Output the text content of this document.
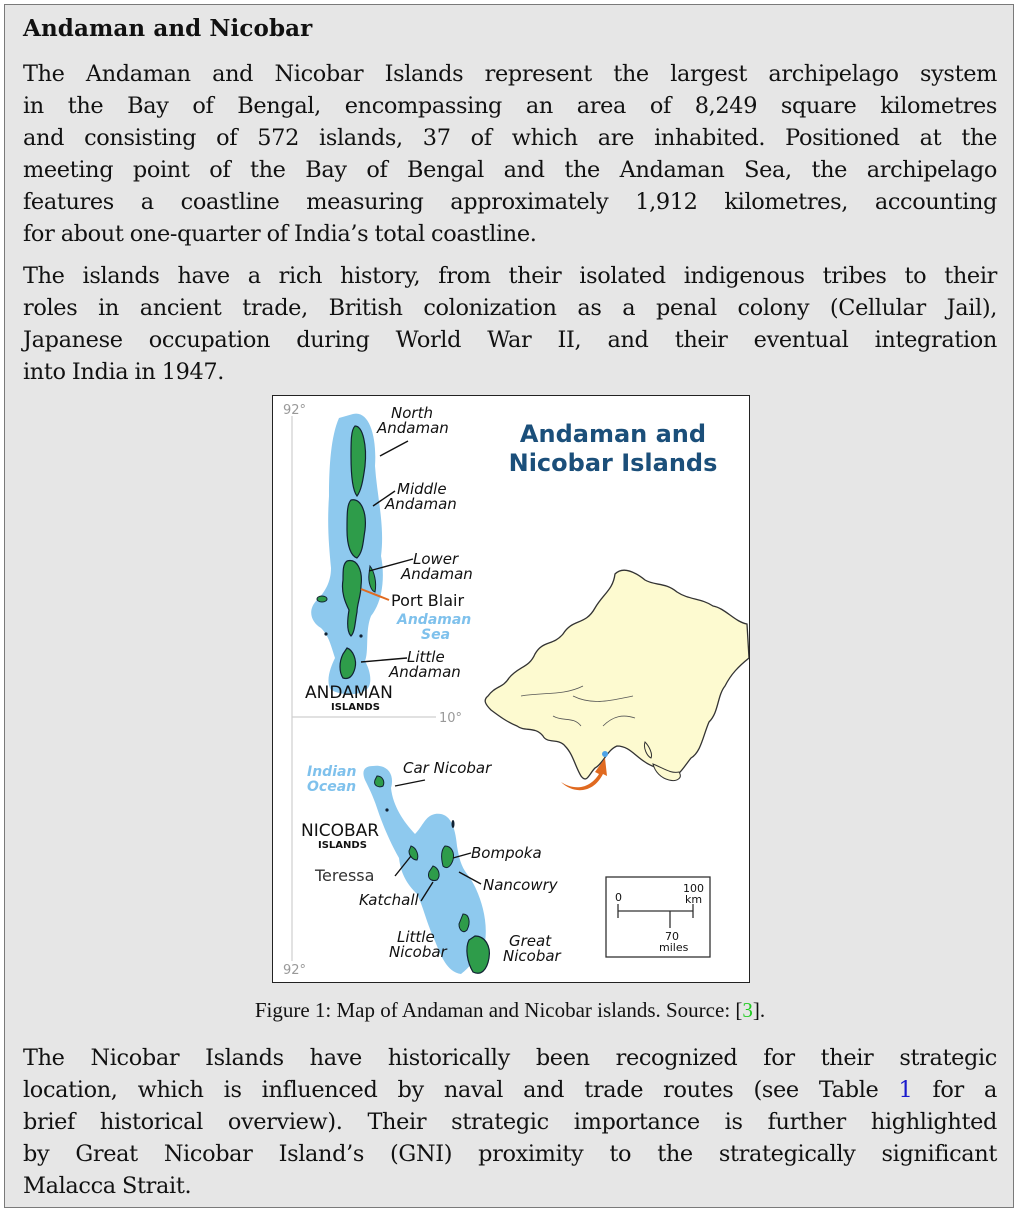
Andaman and Nicobar
The Andaman and Nicobar Islands represent the largest archipelago system
in the Bay of Bengal, encompassing an area of 8,249 square kilometres
and consisting of 572 islands, 37 of which are inhabited. Positioned at the
meeting point of the Bay of Bengal and the Andaman Sea, the archipelago
features a coastline measuring approximately 1,912 kilometres, accounting
for about one-quarter of India’s total coastline.
The islands have a rich history, from their isolated indigenous tribes to their
roles in ancient trade, British colonization as a penal colony (Cellular Jail),
Japanese occupation during World War II, and their eventual integration
into India in 1947.
92°
92°
10°
Andaman and
Nicobar Islands
North
Andaman
Middle
Andaman
Lower
Andaman
Port Blair
Andaman
Sea
Little
Andaman
ANDAMAN
ISLANDS
Indian
Ocean
Car Nicobar
NICOBAR
ISLANDS	Bompoka
Teressa	Nancowry
Katchall
Little
Nicobar
Great
Nicobar
0
100
km
70
miles
Figure 1: Map of Andaman and Nicobar islands. Source: [3].
The Nicobar Islands have historically been recognized for their strategic
location, which is influenced by naval and trade routes (see Table 1 for a
brief historical overview). Their strategic importance is further highlighted
by Great Nicobar Island’s (GNI) proximity to the strategically significant
Malacca Strait.
